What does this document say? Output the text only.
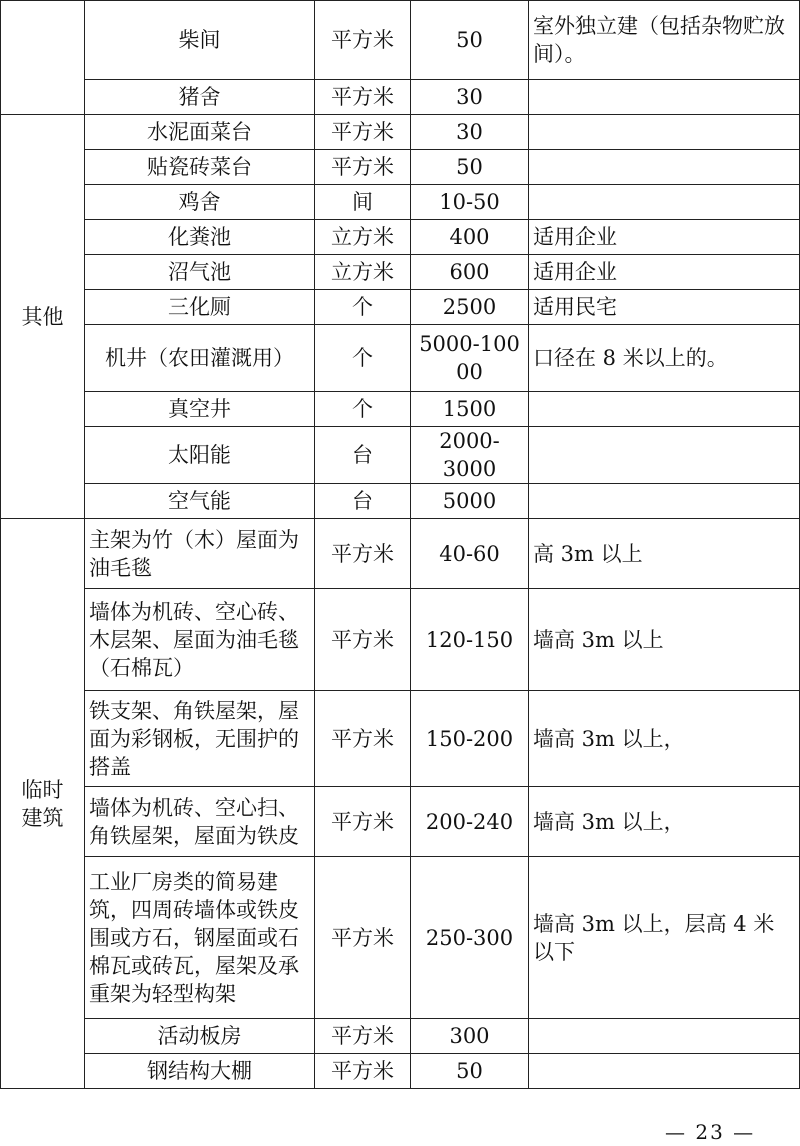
	柴间	平方米	50	室外独立建（包括杂物贮放间）。
	猪舍	平方米	30	
其他	水泥面菜台	平方米	30	
	贴瓷砖菜台	平方米	50	
	鸡舍	间	10-50	
	化粪池	立方米	400	适用企业
	沼气池	立方米	600	适用企业
	三化厕	个	2500	适用民宅
	机井（农田灌溉用）	个	5000-10000	口径在 8 米以上的。
	真空井	个	1500	
	太阳能	台	2000-3000	
	空气能	台	5000	
临时
建筑	主架为竹（木）屋面为油毛毯	平方米	40-60	高 3m 以上
	墙体为机砖、空心砖、木层架、屋面为油毛毯（石棉瓦）	平方米	120-150	墙高 3m 以上
	铁支架、角铁屋架，屋面为彩钢板，无围护的搭盖	平方米	150-200	墙高 3m 以上，
	墙体为机砖、空心扫、角铁屋架，屋面为铁皮	平方米	200-240	墙高 3m 以上，
	工业厂房类的简易建筑，四周砖墙体或铁皮围或方石，钢屋面或石棉瓦或砖瓦，屋架及承重架为轻型构架	平方米	250-300	墙高 3m 以上，层高 4 米以下
	活动板房	平方米	300	
	钢结构大棚	平方米	50	
— 23 —
